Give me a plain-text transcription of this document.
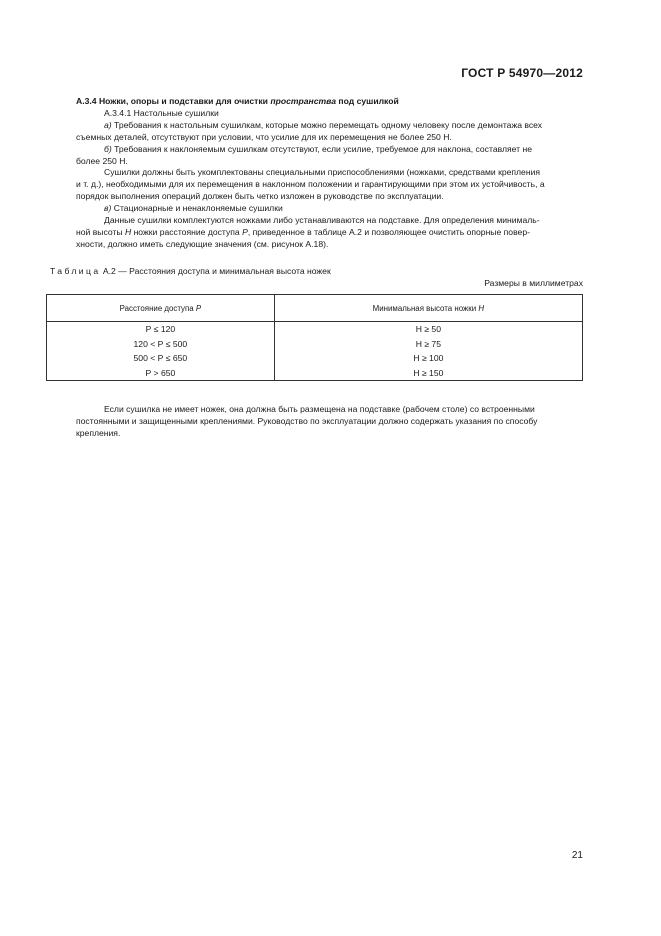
ГОСТ Р 54970—2012

А.3.4 Ножки, опоры и подставки для очистки пространства под сушилкой

А.3.4.1 Настольные сушилки

а) Требования к настольным сушилкам, которые можно перемещать одному человеку после демонтажа всех

съемных деталей, отсутствуют при условии, что усилие для их перемещения не более 250 Н.

б) Требования к наклоняемым сушилкам отсутствуют, если усилие, требуемое для наклона, составляет не

более 250 Н.

Сушилки должны быть укомплектованы специальными приспособлениями (ножками, средствами крепления

и т. д.), необходимыми для их перемещения в наклонном положении и гарантирующими при этом их устойчивость, а

порядок выполнения операций должен быть четко изложен в руководстве по эксплуатации.

в) Стационарные и ненаклоняемые сушилки

Данные сушилки комплектуются ножками либо устанавливаются на подставке. Для определения минималь-

ной высоты Н ножки расстояние доступа Р, приведенное в таблице А.2 и позволяющее очистить опорные повер-

хности, должно иметь следующие значения (см. рисунок А.18).

Таблица А.2 — Расстояния доступа и минимальная высота ножек
Размеры в миллиметрах
Расстояние доступа Р	Минимальная высота ножки Н
Р ≤ 120	Н ≥ 50
120 < Р ≤ 500	Н ≥ 75
500 < Р ≤ 650	Н ≥ 100
Р > 650	Н ≥ 150
Если сушилка не имеет ножек, она должна быть размещена на подставке (рабочем столе) со встроенными
постоянными и защищенными креплениями. Руководство по эксплуатации должно содержать указания по способу
крепления.
21
